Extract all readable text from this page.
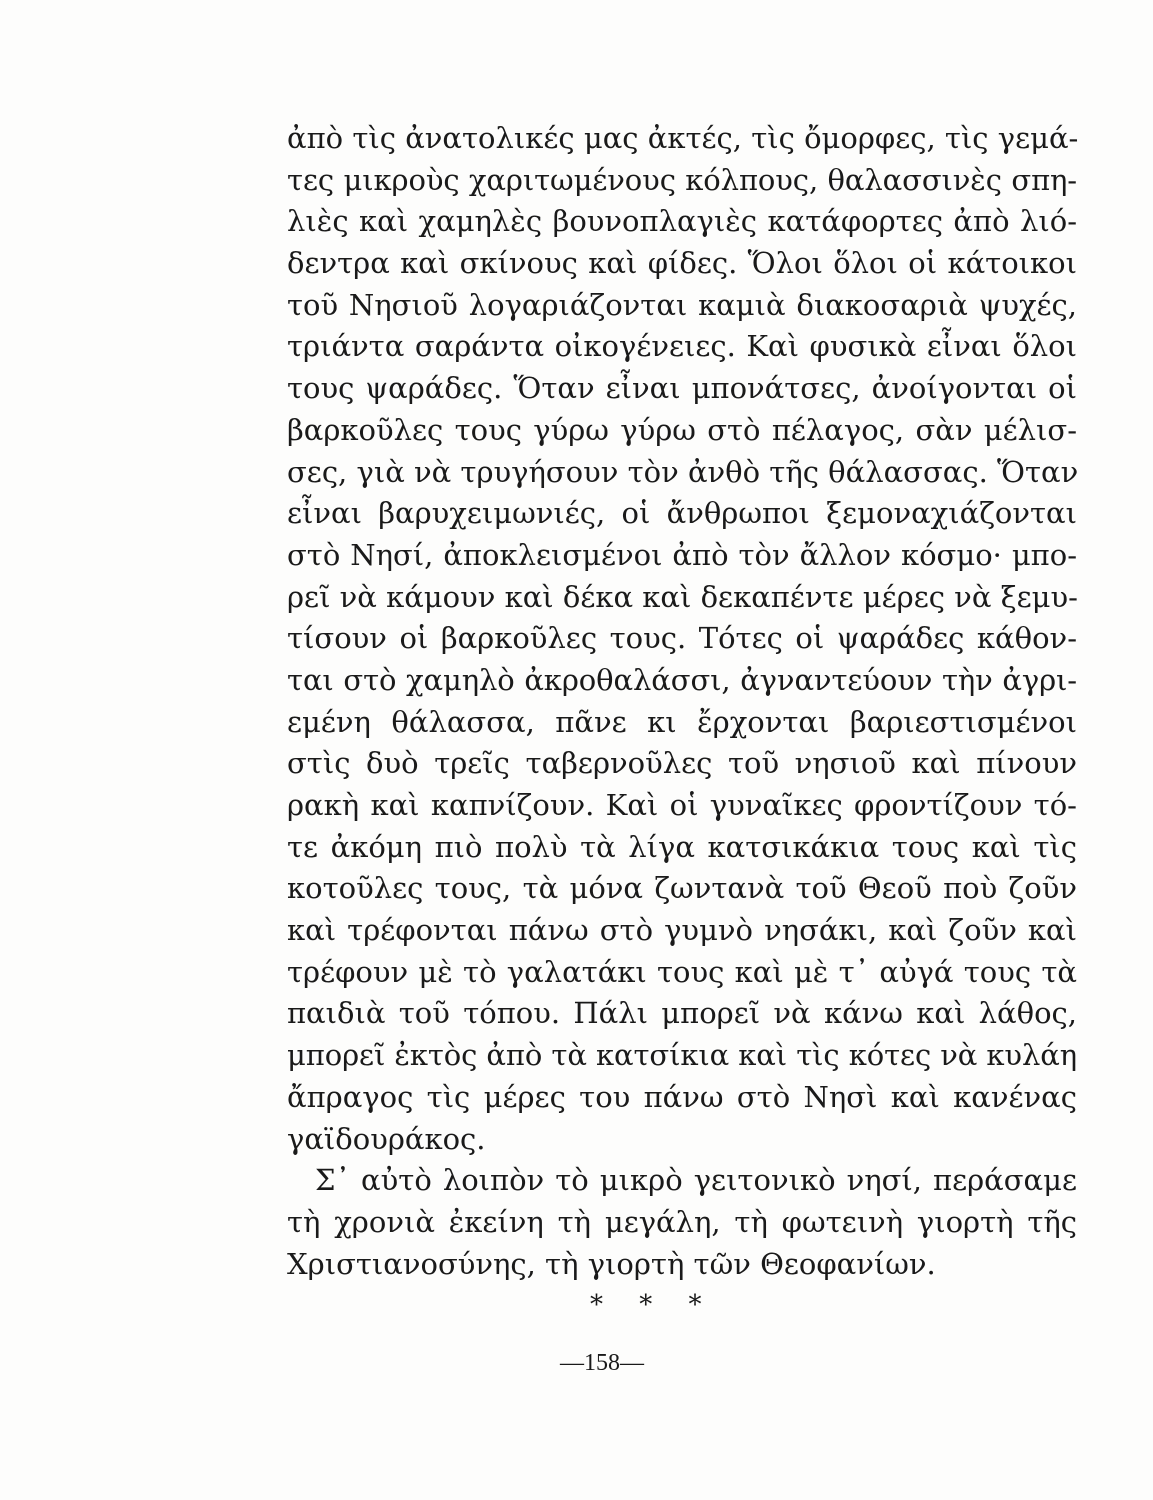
ἀπὸ τὶς ἀνατολικές μας ἀκτές, τὶς ὄμορφες, τὶς γεμά-
τες μικροὺς χαριτωμένους κόλπους, θαλασσινὲς σπη-
λιὲς καὶ χαμηλὲς βουνοπλαγιὲς κατάφορτες ἀπὸ λιό-
δεντρα καὶ σκίνους καὶ φίδες. Ὅλοι ὅλοι οἱ κάτοικοι
τοῦ Νησιοῦ λογαριάζονται καμιὰ διακοσαριὰ ψυχές,
τριάντα σαράντα οἰκογένειες. Καὶ φυσικὰ εἶναι ὅλοι
τους ψαράδες. Ὅταν εἶναι μπονάτσες, ἀνοίγονται οἱ
βαρκοῦλες τους γύρω γύρω στὸ πέλαγος, σὰν μέλισ-
σες, γιὰ νὰ τρυγήσουν τὸν ἀνθὸ τῆς θάλασσας. Ὅταν
εἶναι βαρυχειμωνιές, οἱ ἄνθρωποι ξεμοναχιάζονται
στὸ Νησί, ἀποκλεισμένοι ἀπὸ τὸν ἄλλον κόσμο· μπο-
ρεῖ νὰ κάμουν καὶ δέκα καὶ δεκαπέντε μέρες νὰ ξεμυ-
τίσουν οἱ βαρκοῦλες τους. Τότες οἱ ψαράδες κάθον-
ται στὸ χαμηλὸ ἀκροθαλάσσι, ἀγναντεύουν τὴν ἀγρι-
εμένη θάλασσα, πᾶνε κι ἔρχονται βαριεστισμένοι
στὶς δυὸ τρεῖς ταβερνοῦλες τοῦ νησιοῦ καὶ πίνουν
ρακὴ καὶ καπνίζουν. Καὶ οἱ γυναῖκες φροντίζουν τό-
τε ἀκόμη πιὸ πολὺ τὰ λίγα κατσικάκια τους καὶ τὶς
κοτοῦλες τους, τὰ μόνα ζωντανὰ τοῦ Θεοῦ ποὺ ζοῦν
καὶ τρέφονται πάνω στὸ γυμνὸ νησάκι, καὶ ζοῦν καὶ
τρέφουν μὲ τὸ γαλατάκι τους καὶ μὲ τ᾽ αὐγά τους τὰ
παιδιὰ τοῦ τόπου. Πάλι μπορεῖ νὰ κάνω καὶ λάθος,
μπορεῖ ἐκτὸς ἀπὸ τὰ κατσίκια καὶ τὶς κότες νὰ κυλάη
ἄπραγος τὶς μέρες του πάνω στὸ Νησὶ καὶ κανένας
γαϊδουράκος.
Σ᾽ αὐτὸ λοιπὸν τὸ μικρὸ γειτονικὸ νησί, περάσαμε
τὴ χρονιὰ ἐκείνη τὴ μεγάλη, τὴ φωτεινὴ γιορτὴ τῆς
Χριστιανοσύνης, τὴ γιορτὴ τῶν Θεοφανίων.
* * *
—158—
